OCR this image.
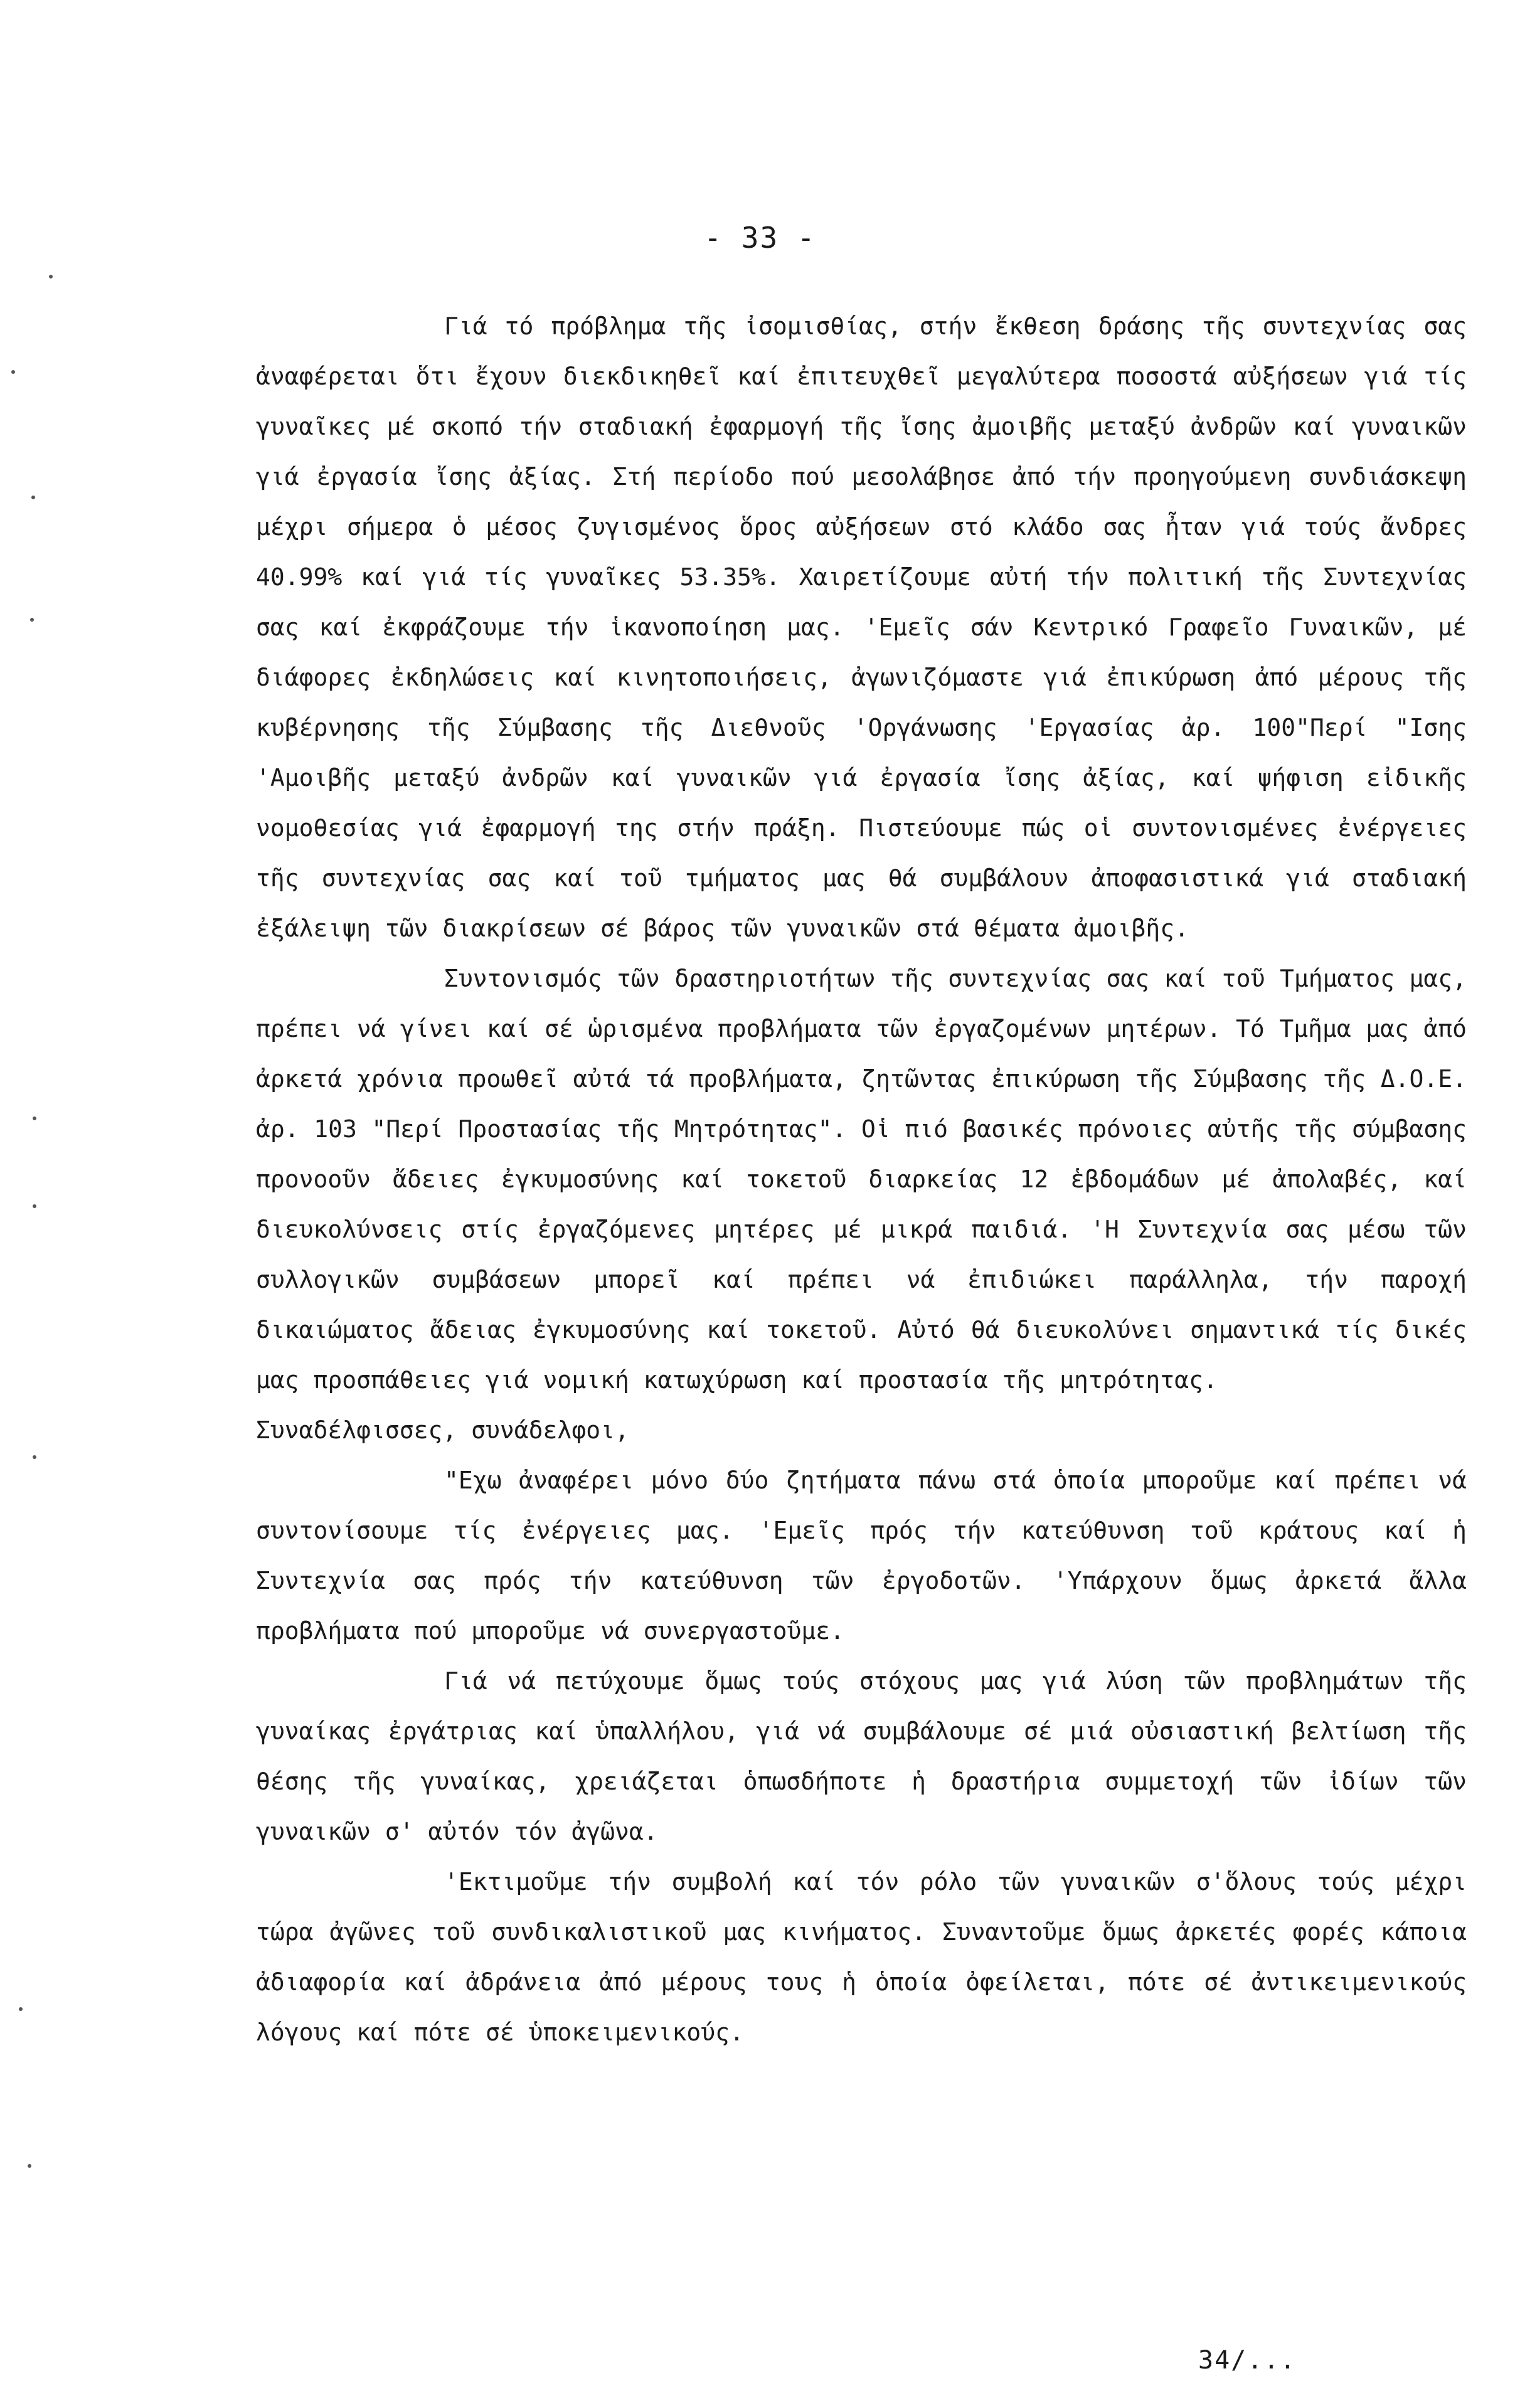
- 33 -

Γιά τό πρόβλημα τῆς ἰσομισθίας, στήν ἔκθεση δράσης τῆς συντεχνίας σας ἀναφέρεται ὅτι ἔχουν διεκδικηθεῖ καί ἐπιτευχθεῖ μεγαλύτερα ποσοστά αὐξήσεων γιά τίς γυναῖκες μέ σκοπό τήν σταδιακή ἐφαρμογή τῆς ἴσης ἀμοιβῆς μεταξύ ἀνδρῶν καί γυναικῶν γιά ἐργασία ἴσης ἀξίας. Στή περίοδο πού μεσολάβησε ἀπό τήν προηγούμενη συνδιάσκεψη μέχρι σήμερα ὁ μέσος ζυγισμένος ὅρος αὐξήσεων στό κλάδο σας ἦταν γιά τούς ἄνδρες 40.99% καί γιά τίς γυναῖκες 53.35%. Χαιρετίζουμε αὐτή τήν πολιτική τῆς Συντεχνίας σας καί ἐκφράζουμε τήν ἱκανοποίηση μας. 'Εμεῖς σάν Κεντρικό Γραφεῖο Γυναικῶν, μέ διάφορες ἐκδηλώσεις καί κινητοποιήσεις, ἀγωνιζόμαστε γιά ἐπικύρωση ἀπό μέρους τῆς κυβέρνησης τῆς Σύμβασης τῆς Διεθνοῦς 'Οργάνωσης 'Εργασίας ἀρ. 100"Περί "Ισης 'Αμοιβῆς μεταξύ ἀνδρῶν καί γυναικῶν γιά ἐργασία ἴσης ἀξίας, καί ψήφιση εἰδικῆς νομοθεσίας γιά ἐφαρμογή της στήν πράξη. Πιστεύουμε πώς οἱ συντονισμένες ἐνέργειες τῆς συντεχνίας σας καί τοῦ τμήματος μας θά συμβάλουν ἀποφασιστικά γιά σταδιακή ἐξάλειψη τῶν διακρίσεων σέ βάρος τῶν γυναικῶν στά θέματα ἀμοιβῆς.

Συντονισμός τῶν δραστηριοτήτων τῆς συντεχνίας σας καί τοῦ Τμήματος μας, πρέπει νά γίνει καί σέ ὡρισμένα προβλήματα τῶν ἐργαζομένων μητέρων. Τό Τμῆμα μας ἀπό ἀρκετά χρόνια προωθεῖ αὐτά τά προβλήματα, ζητῶντας ἐπικύρωση τῆς Σύμβασης τῆς Δ.Ο.Ε. ἀρ. 103 "Περί Προστασίας τῆς Μητρότητας". Οἱ πιό βασικές πρόνοιες αὐτῆς τῆς σύμβασης προνοοῦν ἄδειες ἐγκυμοσύνης καί τοκετοῦ διαρκείας 12 ἑβδομάδων μέ ἀπολαβές, καί διευκολύνσεις στίς ἐργαζόμενες μητέρες μέ μικρά παιδιά. 'Η Συντεχνία σας μέσω τῶν συλλογικῶν συμβάσεων μπορεῖ καί πρέπει νά ἐπιδιώκει παράλληλα, τήν παροχή δικαιώματος ἄδειας ἐγκυμοσύνης καί τοκετοῦ. Αὐτό θά διευκολύνει σημαντικά τίς δικές μας προσπάθειες γιά νομική κατωχύρωση καί προστασία τῆς μητρότητας.

Συναδέλφισσες, συνάδελφοι,

"Εχω ἀναφέρει μόνο δύο ζητήματα πάνω στά ὁποία μποροῦμε καί πρέπει νά συντονίσουμε τίς ἐνέργειες μας. 'Εμεῖς πρός τήν κατεύθυνση τοῦ κράτους καί ἡ Συντεχνία σας πρός τήν κατεύθυνση τῶν ἐργοδοτῶν. 'Υπάρχουν ὅμως ἀρκετά ἄλλα προβλήματα πού μποροῦμε νά συνεργαστοῦμε.

Γιά νά πετύχουμε ὅμως τούς στόχους μας γιά λύση τῶν προβλημάτων τῆς γυναίκας ἐργάτριας καί ὑπαλλήλου, γιά νά συμβάλουμε σέ μιά οὐσιαστική βελτίωση τῆς θέσης τῆς γυναίκας, χρειάζεται ὁπωσδήποτε ἡ δραστήρια συμμετοχή τῶν ἰδίων τῶν γυναικῶν σ' αὐτόν τόν ἀγῶνα.

'Εκτιμοῦμε τήν συμβολή καί τόν ρόλο τῶν γυναικῶν σ'ὅλους τούς μέχρι τώρα ἀγῶνες τοῦ συνδικαλιστικοῦ μας κινήματος. Συναντοῦμε ὅμως ἀρκετές φορές κάποια ἀδιαφορία καί ἀδράνεια ἀπό μέρους τους ἡ ὁποία ὀφείλεται, πότε σέ ἀντικειμενικούς λόγους καί πότε σέ ὑποκειμενικούς.

34/...
